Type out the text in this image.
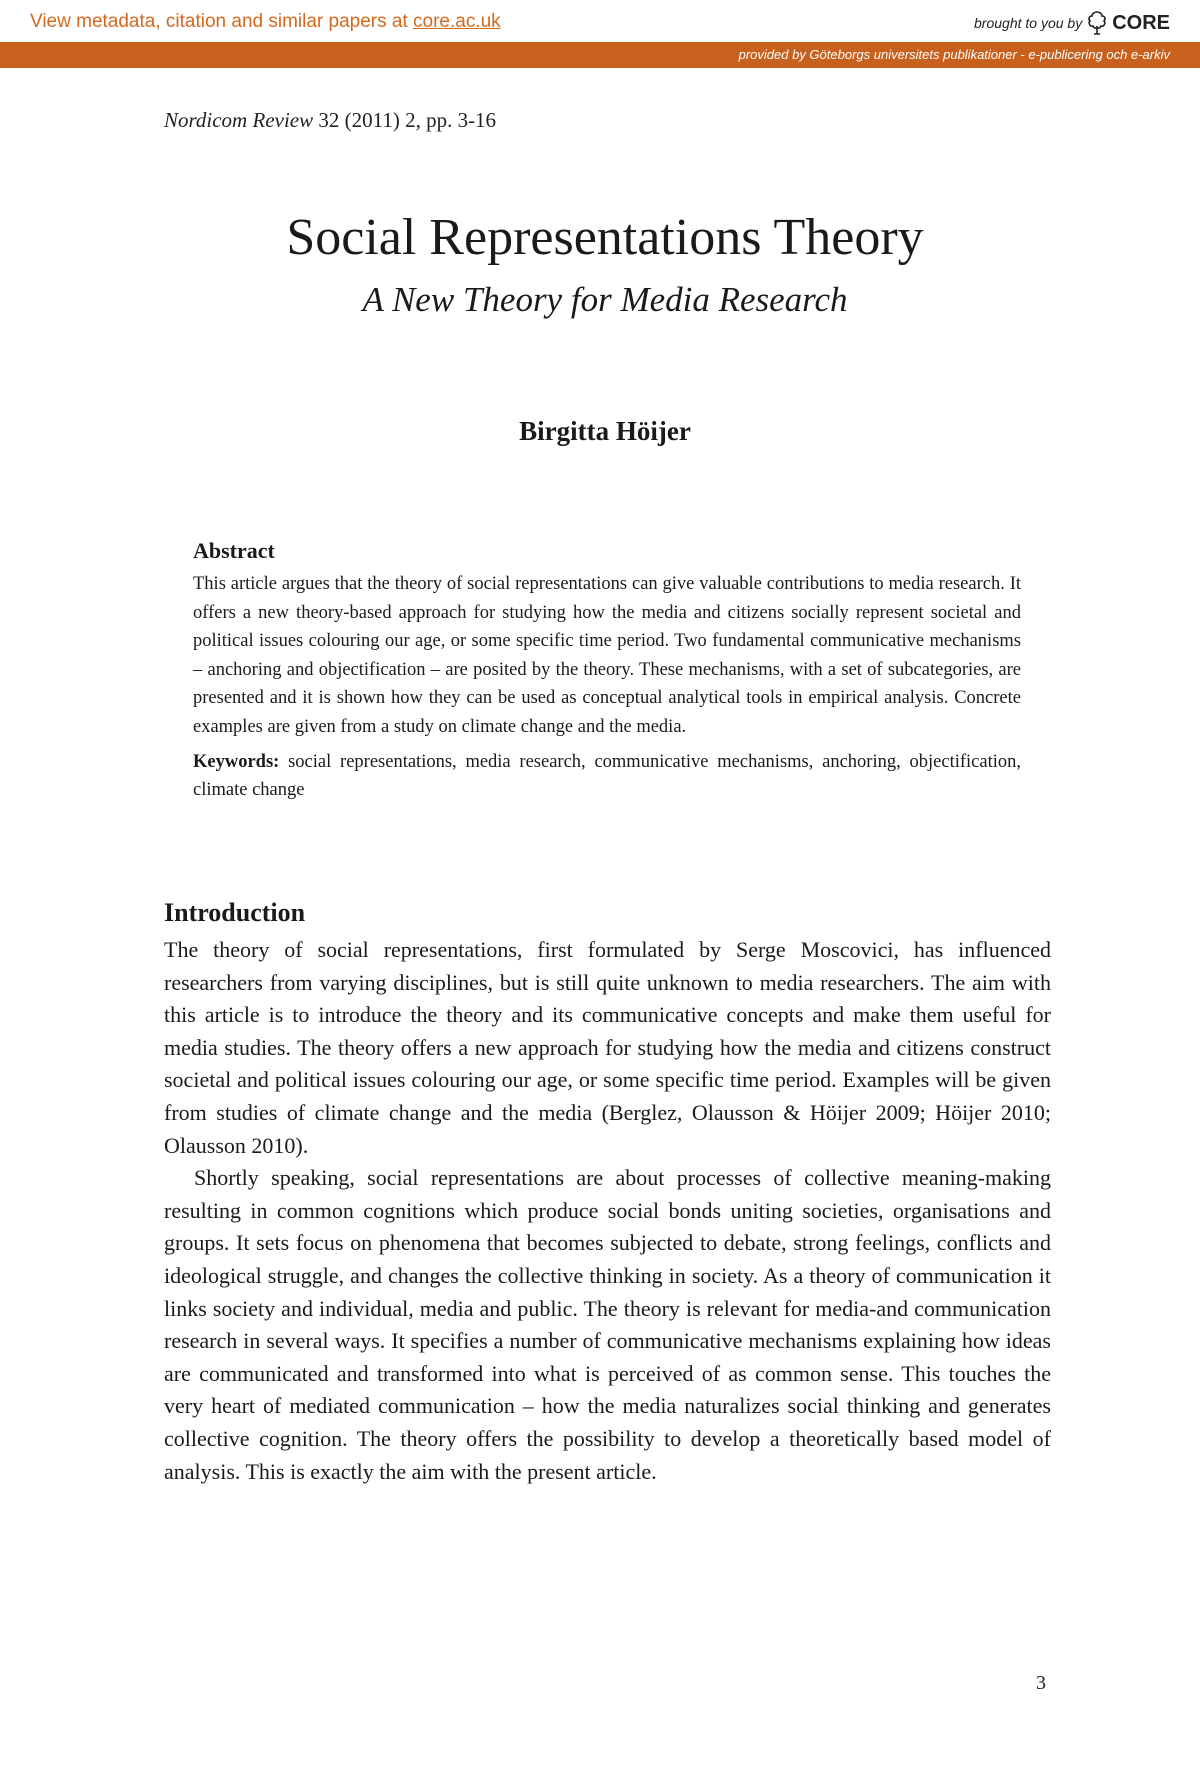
View metadata, citation and similar papers at core.ac.uk	brought to you by CORE
provided by Göteborgs universitets publikationer - e-publicering och e-arkiv
Nordicom Review 32 (2011) 2, pp. 3-16
Social Representations Theory
A New Theory for Media Research
Birgitta Höijer
Abstract

This article argues that the theory of social representations can give valuable contributions to media research. It offers a new theory-based approach for studying how the media and citizens socially represent societal and political issues colouring our age, or some specific time period. Two fundamental communicative mechanisms – anchoring and objectification – are posited by the theory. These mechanisms, with a set of subcategories, are presented and it is shown how they can be used as conceptual analytical tools in empirical analysis. Concrete examples are given from a study on climate change and the media.

Keywords: social representations, media research, communicative mechanisms, anchoring, objectification, climate change

Introduction

The theory of social representations, first formulated by Serge Moscovici, has influenced researchers from varying disciplines, but is still quite unknown to media researchers. The aim with this article is to introduce the theory and its communicative concepts and make them useful for media studies. The theory offers a new approach for studying how the media and citizens construct societal and political issues colouring our age, or some specific time period. Examples will be given from studies of climate change and the media (Berglez, Olausson & Höijer 2009; Höijer 2010; Olausson 2010).

Shortly speaking, social representations are about processes of collective meaning-making resulting in common cognitions which produce social bonds uniting societies, organisations and groups. It sets focus on phenomena that becomes subjected to debate, strong feelings, conflicts and ideological struggle, and changes the collective thinking in society. As a theory of communication it links society and individual, media and public. The theory is relevant for media-and communication research in several ways. It specifies a number of communicative mechanisms explaining how ideas are communicated and transformed into what is perceived of as common sense. This touches the very heart of mediated communication – how the media naturalizes social thinking and generates collective cognition. The theory offers the possibility to develop a theoretically based model of analysis. This is exactly the aim with the present article.

3
